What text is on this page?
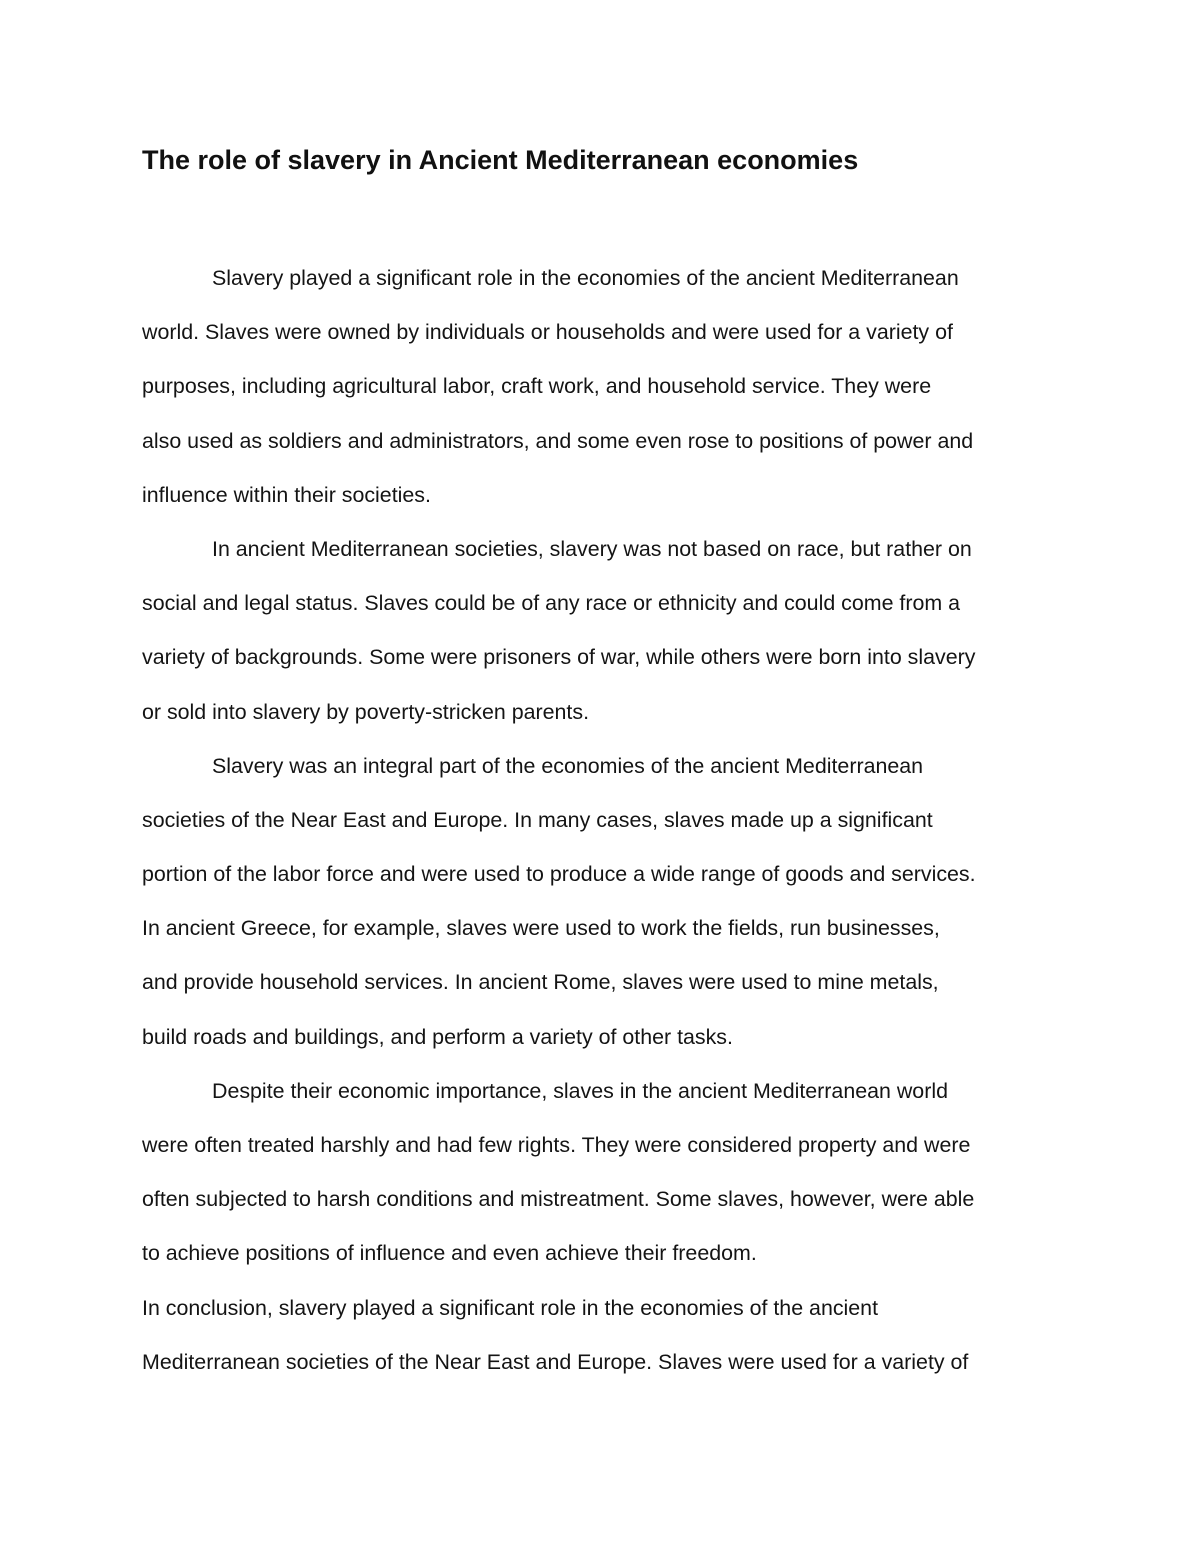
The role of slavery in Ancient Mediterranean economies
Slavery played a significant role in the economies of the ancient Mediterranean
world. Slaves were owned by individuals or households and were used for a variety of
purposes, including agricultural labor, craft work, and household service. They were
also used as soldiers and administrators, and some even rose to positions of power and
influence within their societies.
In ancient Mediterranean societies, slavery was not based on race, but rather on
social and legal status. Slaves could be of any race or ethnicity and could come from a
variety of backgrounds. Some were prisoners of war, while others were born into slavery
or sold into slavery by poverty-stricken parents.
Slavery was an integral part of the economies of the ancient Mediterranean
societies of the Near East and Europe. In many cases, slaves made up a significant
portion of the labor force and were used to produce a wide range of goods and services.
In ancient Greece, for example, slaves were used to work the fields, run businesses,
and provide household services. In ancient Rome, slaves were used to mine metals,
build roads and buildings, and perform a variety of other tasks.
Despite their economic importance, slaves in the ancient Mediterranean world
were often treated harshly and had few rights. They were considered property and were
often subjected to harsh conditions and mistreatment. Some slaves, however, were able
to achieve positions of influence and even achieve their freedom.
In conclusion, slavery played a significant role in the economies of the ancient
Mediterranean societies of the Near East and Europe. Slaves were used for a variety of
